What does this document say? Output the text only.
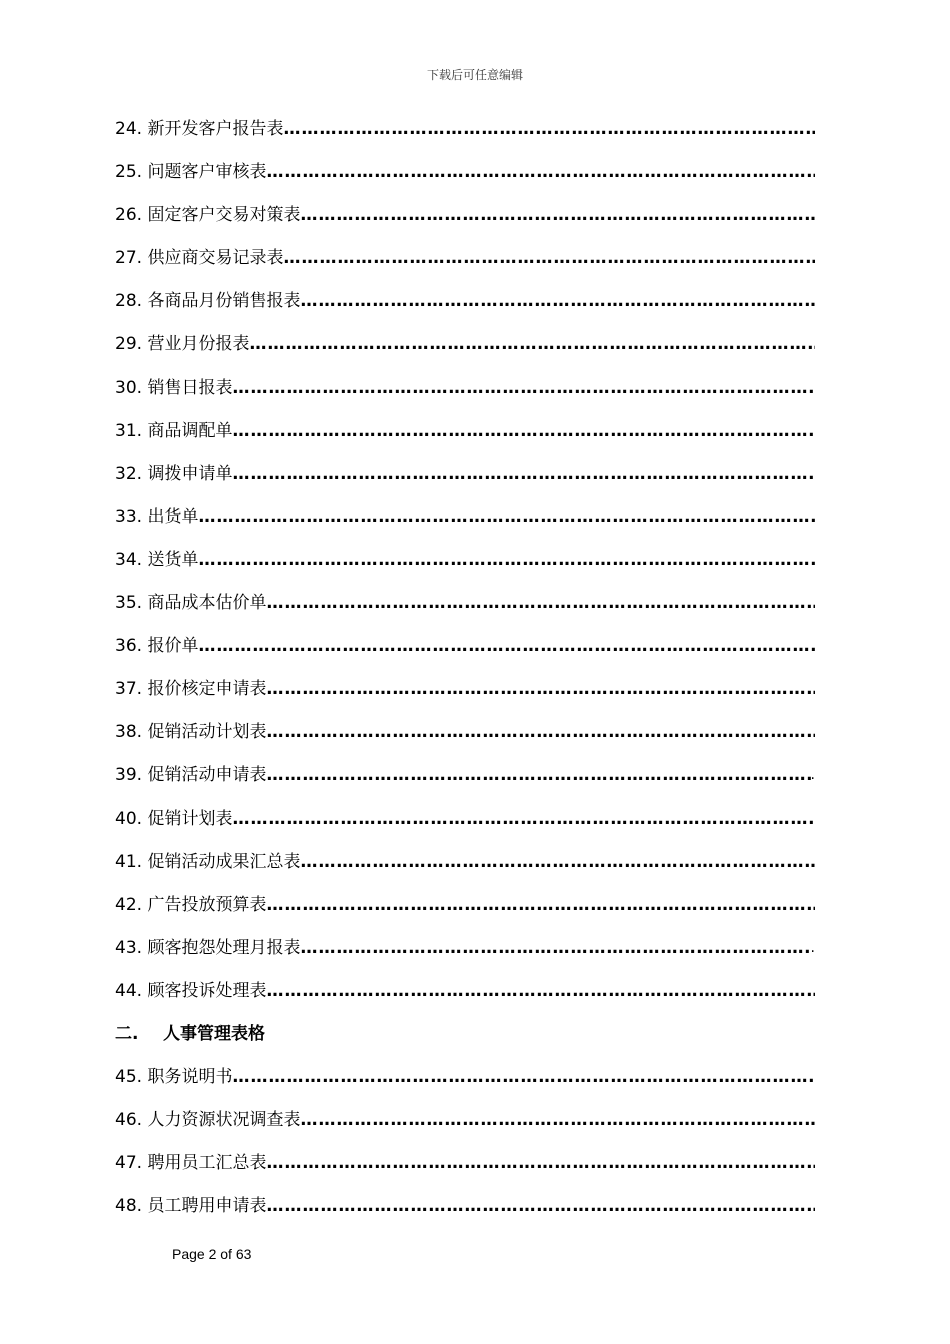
下载后可任意编辑
24. 新开发客户报告表
……………………………………………………………………………………………………………………………
25. 问题客户审核表
……………………………………………………………………………………………………………………………
26. 固定客户交易对策表
……………………………………………………………………………………………………………………………
27. 供应商交易记录表
……………………………………………………………………………………………………………………………
28. 各商品月份销售报表
……………………………………………………………………………………………………………………………
29. 营业月份报表
……………………………………………………………………………………………………………………………
30. 销售日报表
……………………………………………………………………………………………………………………………
31. 商品调配单
……………………………………………………………………………………………………………………………
32. 调拨申请单
……………………………………………………………………………………………………………………………
33. 出货单
……………………………………………………………………………………………………………………………
34. 送货单
……………………………………………………………………………………………………………………………
35. 商品成本估价单
……………………………………………………………………………………………………………………………
36. 报价单
……………………………………………………………………………………………………………………………
37. 报价核定申请表
……………………………………………………………………………………………………………………………
38. 促销活动计划表
……………………………………………………………………………………………………………………………
39. 促销活动申请表 ……………………………………………………………………………………………………………………………	.
40. 促销计划表
……………………………………………………………………………………………………………………………
41. 促销活动成果汇总表
……………………………………………………………………………………………………………………………
42. 广告投放预算表
……………………………………………………………………………………………………………………………
43. 顾客抱怨处理月报表 ……………………………………………………………………………………………………………………………	.
44. 顾客投诉处理表
……………………………………………………………………………………………………………………………
二. 人事管理表格
45. 职务说明书
……………………………………………………………………………………………………………………………
46. 人力资源状况调查表
……………………………………………………………………………………………………………………………
47. 聘用员工汇总表
……………………………………………………………………………………………………………………………
48. 员工聘用申请表
……………………………………………………………………………………………………………………………
Page 2 of 63
